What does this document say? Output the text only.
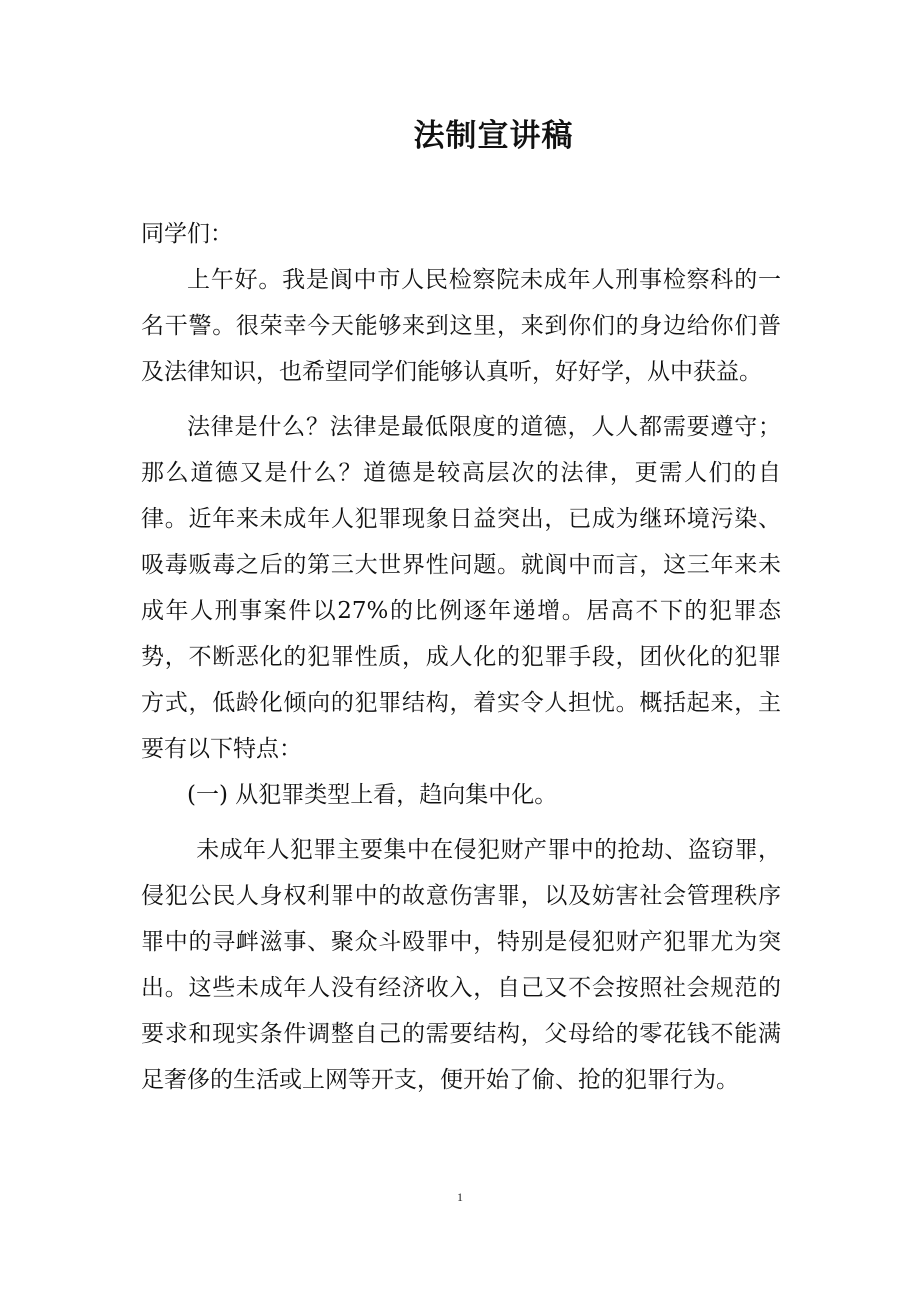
法制宣讲稿

同学们：

上午好。我是阆中市人民检察院未成年人刑事检察科的一名干警。很荣幸今天能够来到这里，来到你们的身边给你们普及法律知识，也希望同学们能够认真听，好好学，从中获益。

法律是什么？法律是最低限度的道德，人人都需要遵守；那么道德又是什么？道德是较高层次的法律，更需人们的自律。近年来未成年人犯罪现象日益突出，已成为继环境污染、吸毒贩毒之后的第三大世界性问题。就阆中而言，这三年来未成年人刑事案件以27%的比例逐年递增。居高不下的犯罪态势，不断恶化的犯罪性质，成人化的犯罪手段，团伙化的犯罪方式，低龄化倾向的犯罪结构，着实令人担忧。概括起来，主要有以下特点：

(一) 从犯罪类型上看，趋向集中化。

未成年人犯罪主要集中在侵犯财产罪中的抢劫、盗窃罪，侵犯公民人身权利罪中的故意伤害罪，以及妨害社会管理秩序罪中的寻衅滋事、聚众斗殴罪中，特别是侵犯财产犯罪尤为突出。这些未成年人没有经济收入，自己又不会按照社会规范的要求和现实条件调整自己的需要结构，父母给的零花钱不能满足奢侈的生活或上网等开支，便开始了偷、抢的犯罪行为。

1
